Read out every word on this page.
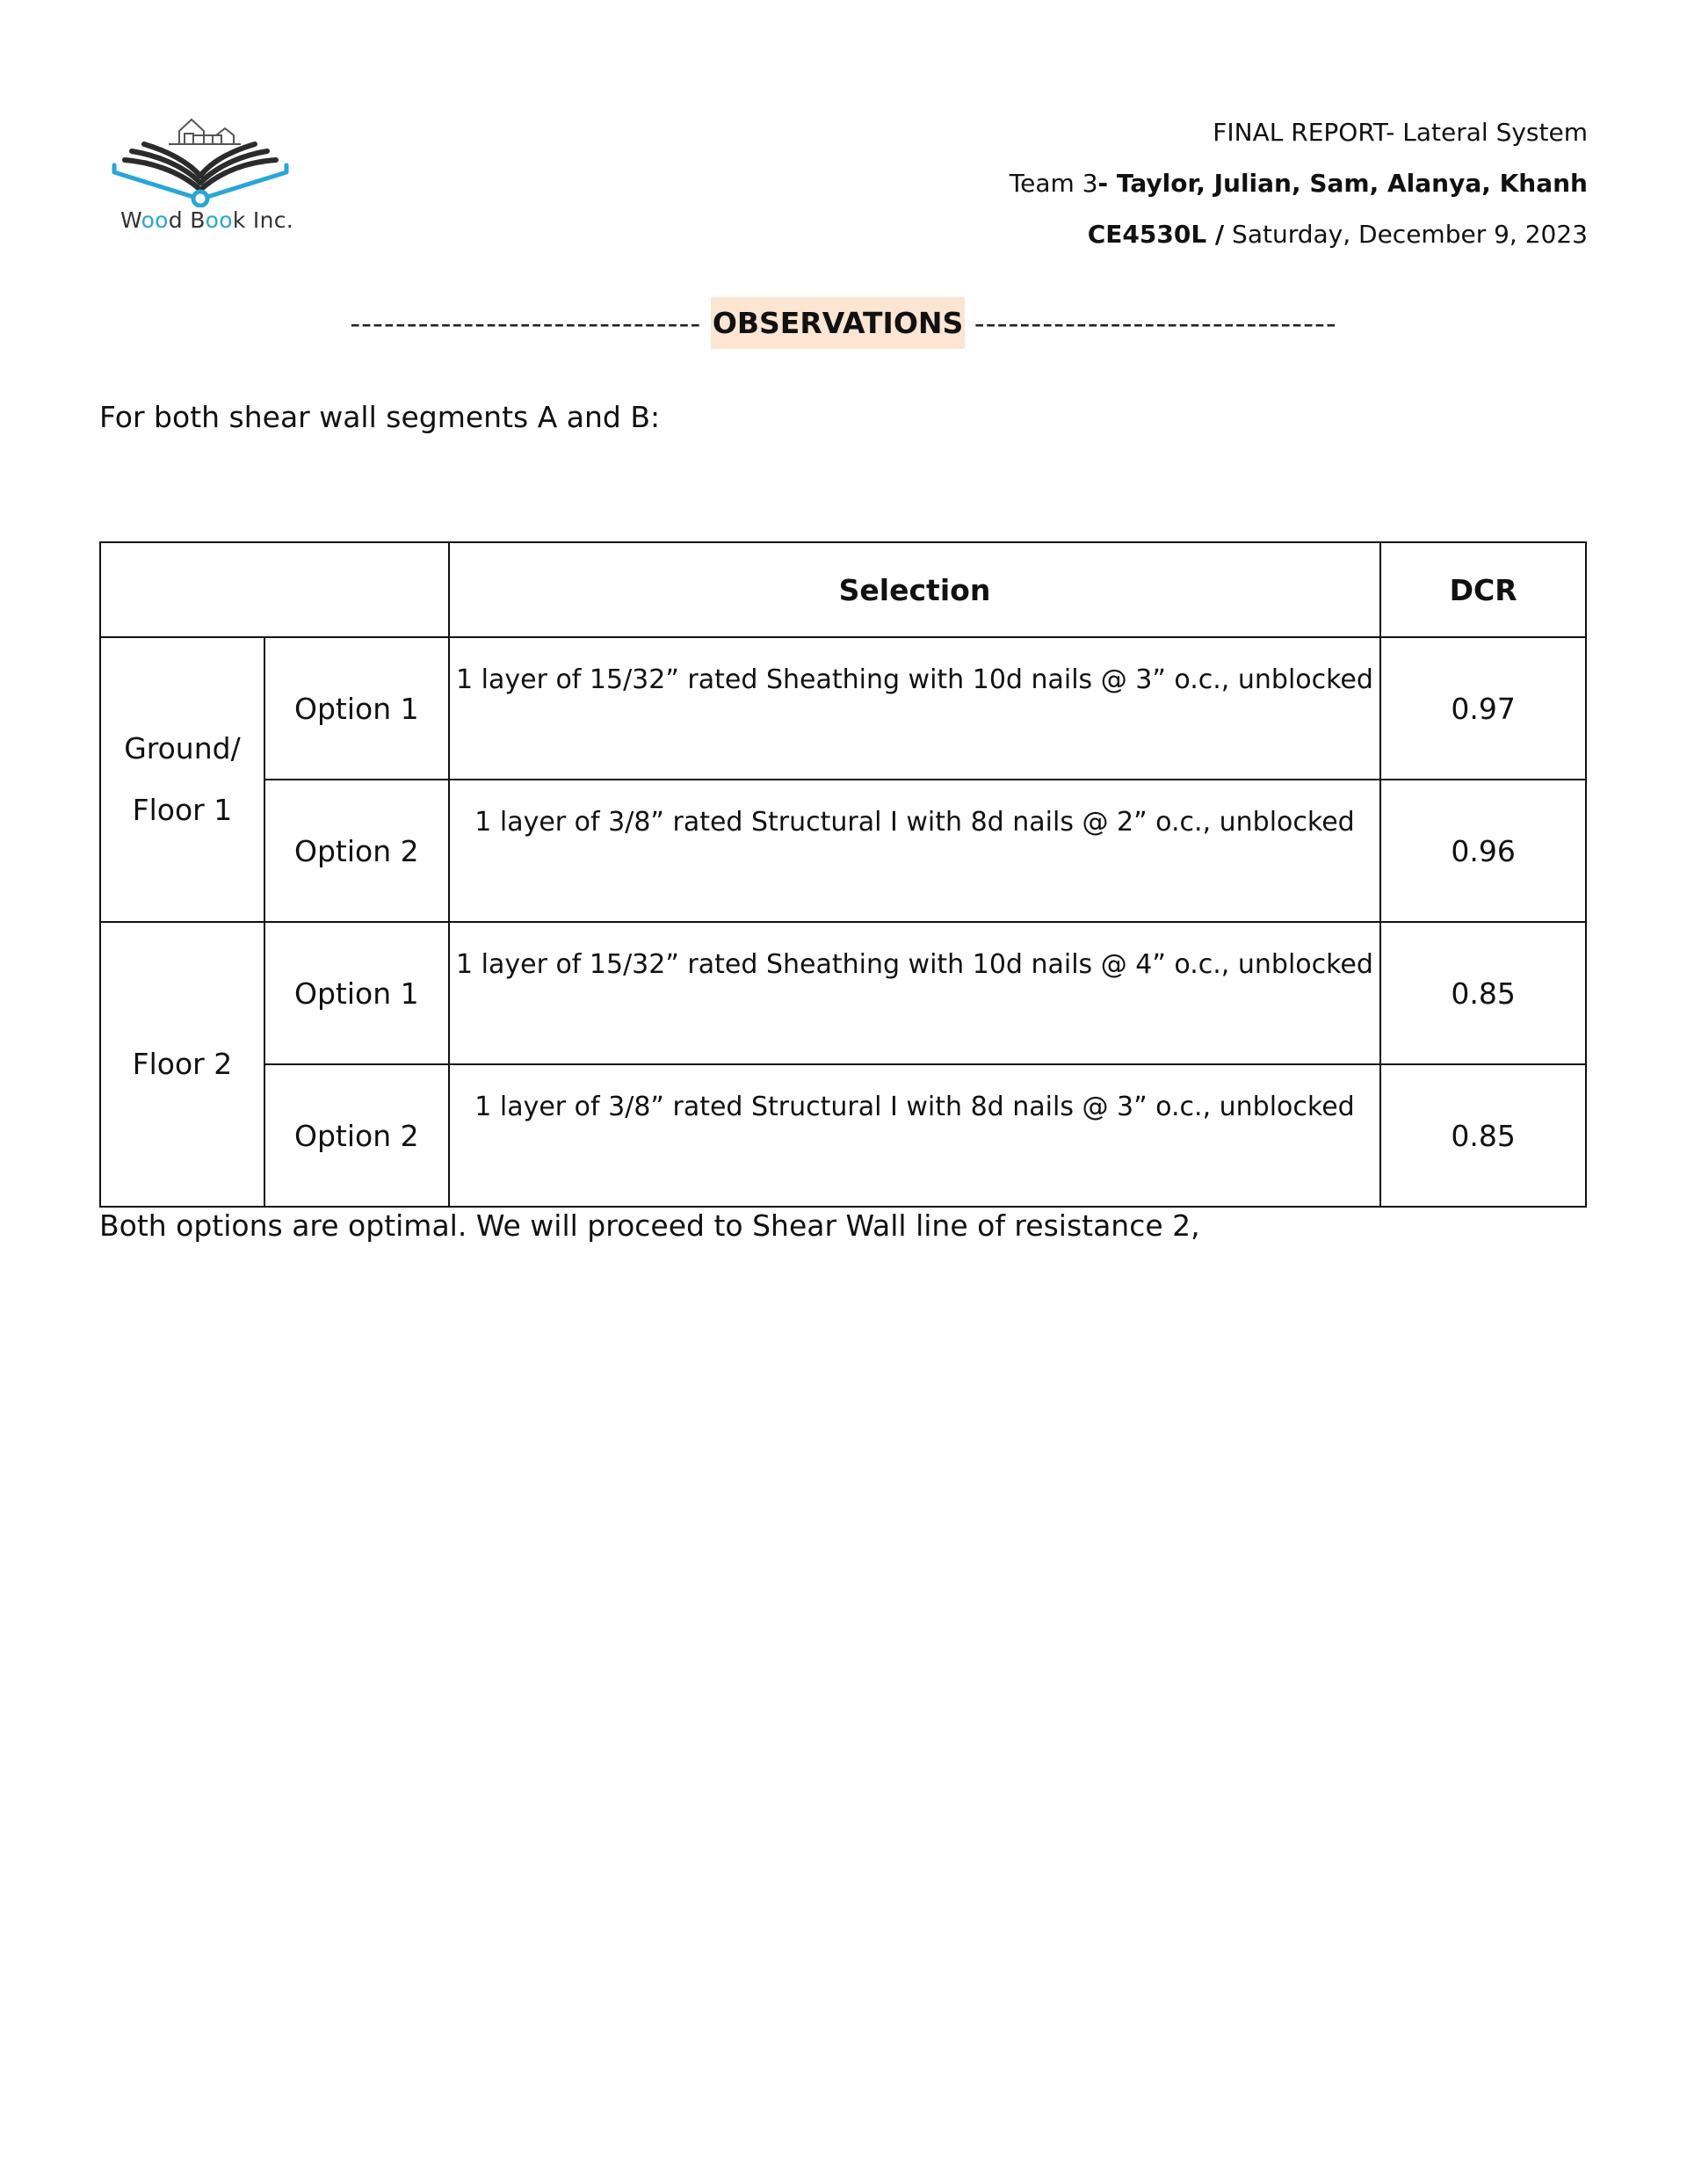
Wood Book Inc.
FINAL REPORT- Lateral System
Team 3- Taylor, Julian, Sam, Alanya, Khanh
CE4530L / Saturday, December 9, 2023
------------------------------- OBSERVATIONS --------------------------------
For both shear wall segments A and B:
		Selection	DCR

Ground/
Floor 1	Option 1	1 layer of 15/32” rated Sheathing with 10d nails @ 3” o.c., unblocked	0.97
	Option 2	1 layer of 3/8” rated Structural I with 8d nails @ 2” o.c., unblocked	0.96
Floor 2	Option 1	1 layer of 15/32” rated Sheathing with 10d nails @ 4” o.c., unblocked	0.85
	Option 2	1 layer of 3/8” rated Structural I with 8d nails @ 3” o.c., unblocked	0.85
Both options are optimal. We will proceed to Shear Wall line of resistance 2,
